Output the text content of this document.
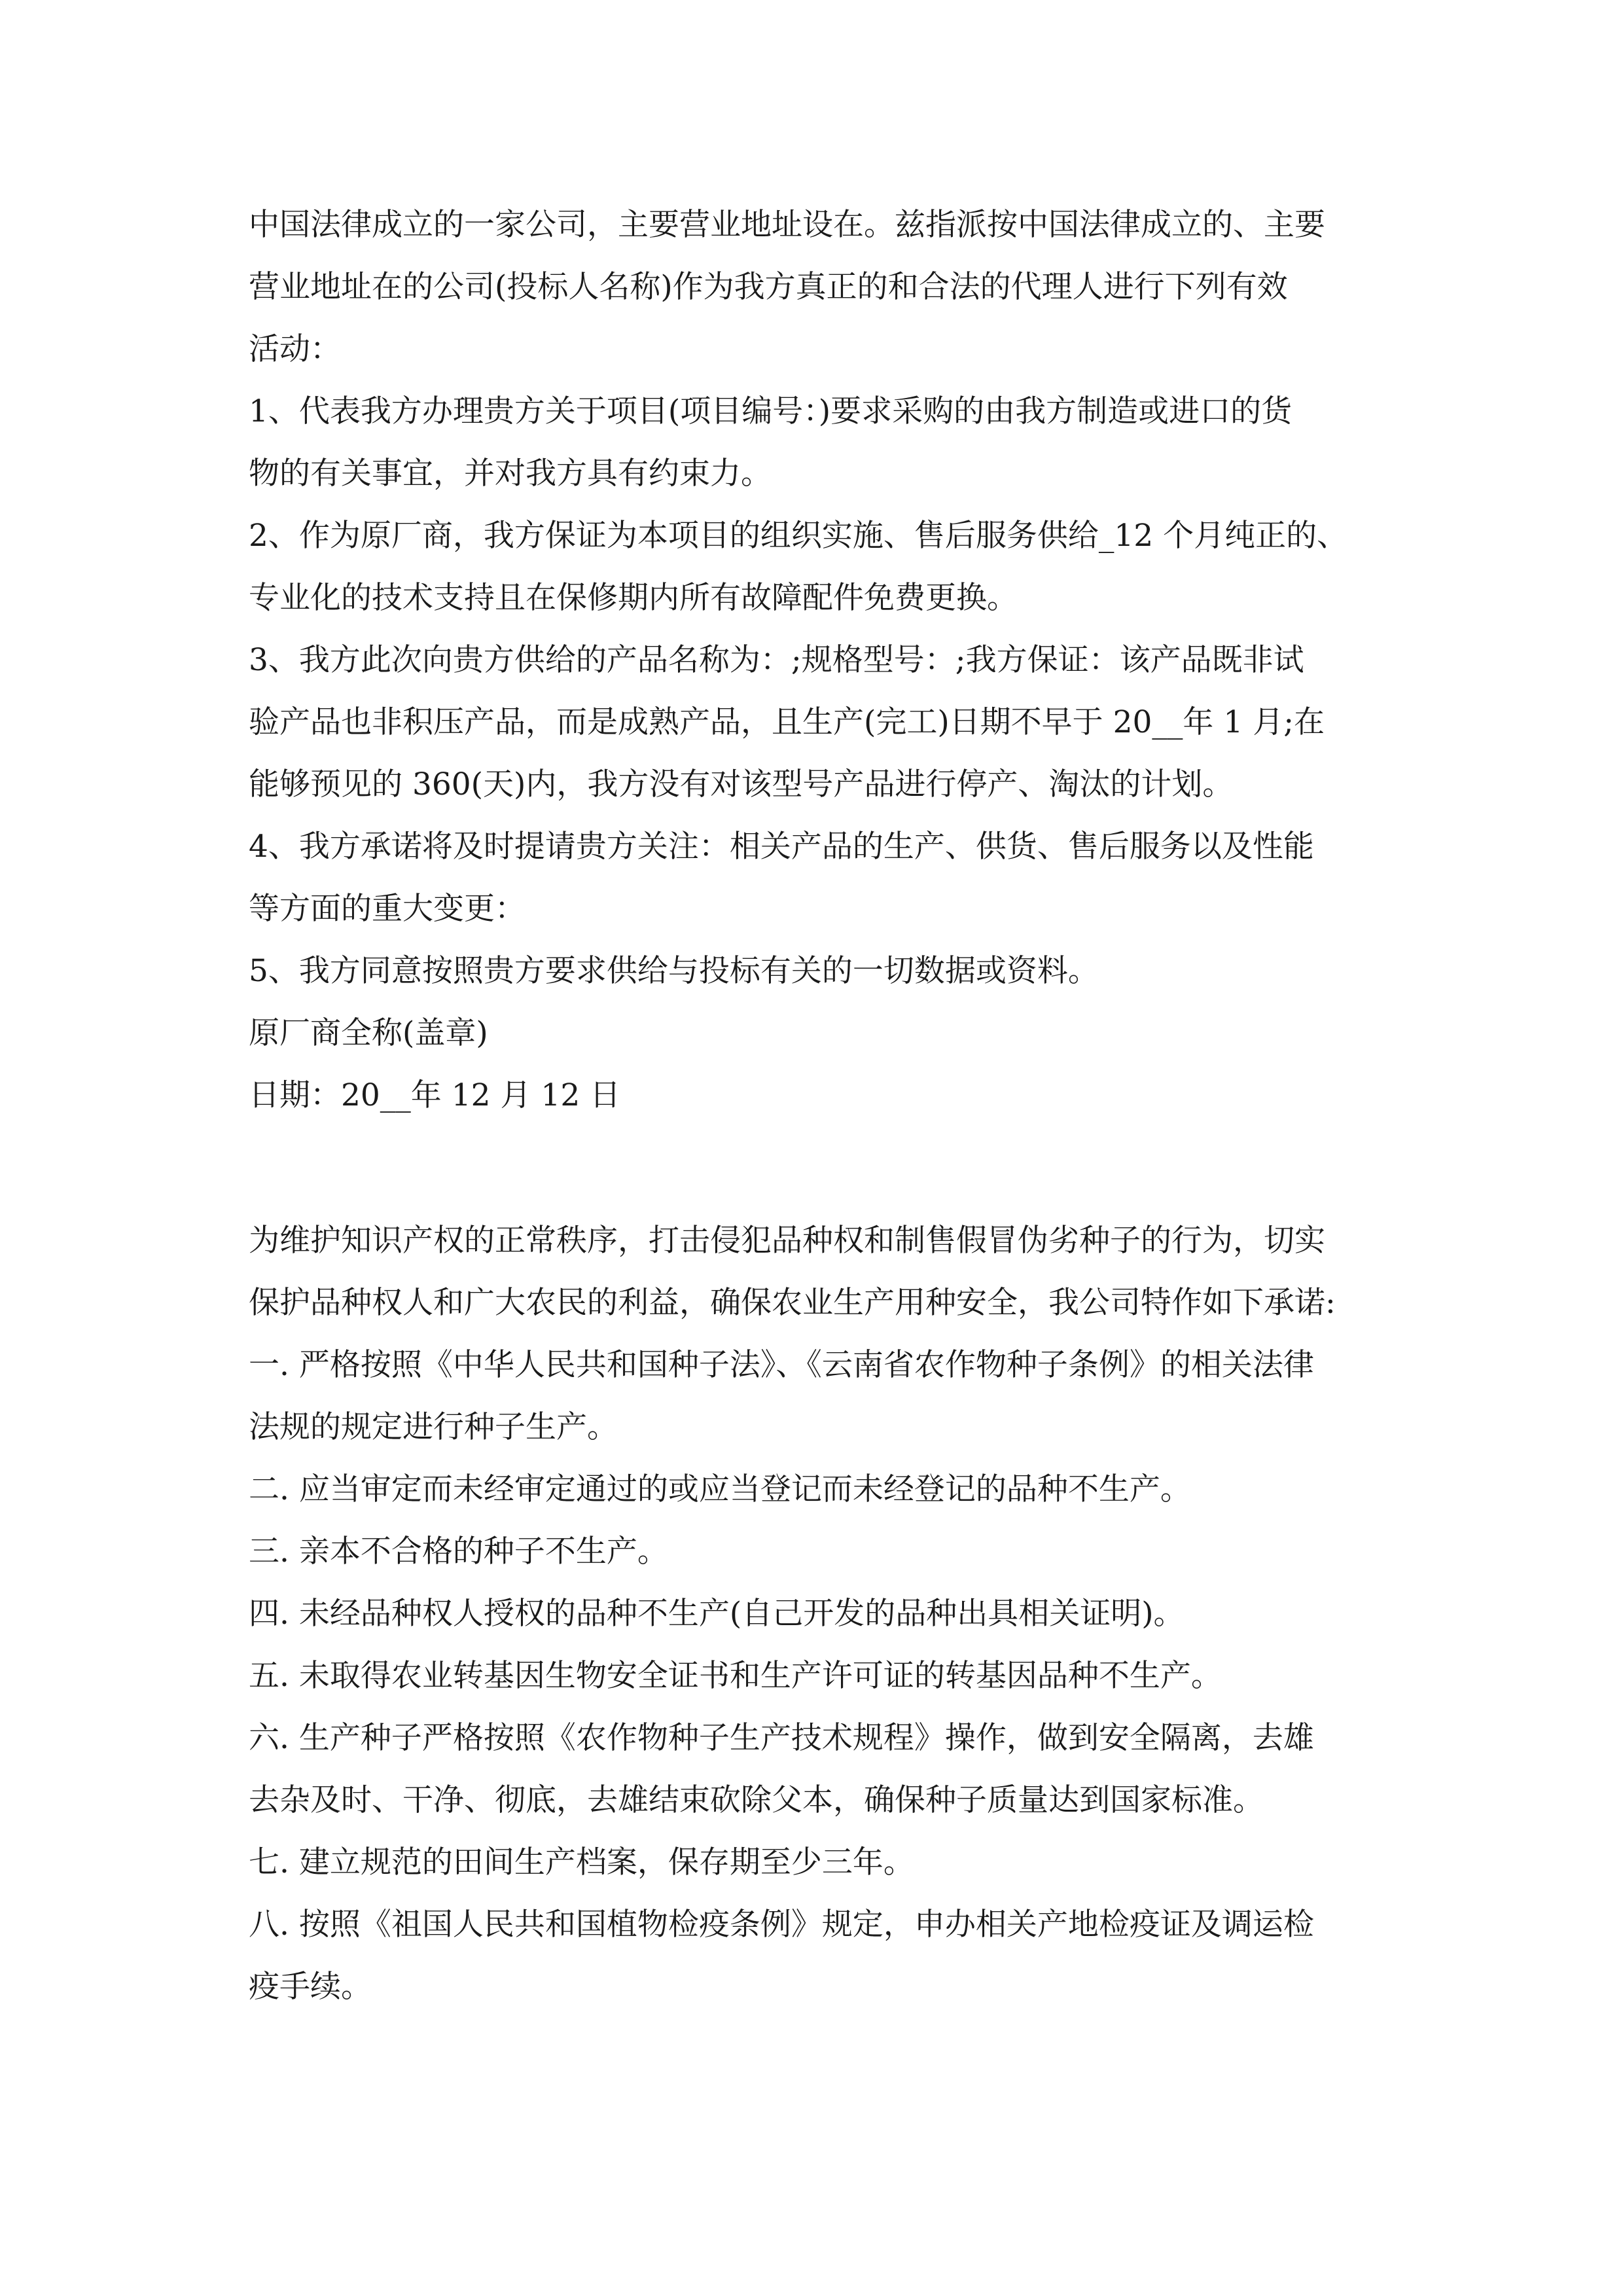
中国法律成立的一家公司，主要营业地址设在。兹指派按中国法律成立的、主要
营业地址在的公司(投标人名称)作为我方真正的和合法的代理人进行下列有效
活动：
1、代表我方办理贵方关于项目(项目编号：)要求采购的由我方制造或进口的货
物的有关事宜，并对我方具有约束力。
2、作为原厂商，我方保证为本项目的组织实施、售后服务供给_12 个月纯正的、
专业化的技术支持且在保修期内所有故障配件免费更换。
3、我方此次向贵方供给的产品名称为：;规格型号：;我方保证：该产品既非试
验产品也非积压产品，而是成熟产品，且生产(完工)日期不早于 20__年 1 月;在
能够预见的 360(天)内，我方没有对该型号产品进行停产、淘汰的计划。
4、我方承诺将及时提请贵方关注：相关产品的生产、供货、售后服务以及性能
等方面的重大变更：
5、我方同意按照贵方要求供给与投标有关的一切数据或资料。
原厂商全称(盖章)
日期：20__年 12 月 12 日
为维护知识产权的正常秩序，打击侵犯品种权和制售假冒伪劣种子的行为，切实
保护品种权人和广大农民的利益，确保农业生产用种安全，我公司特作如下承诺:
一. 严格按照《中华人民共和国种子法》、《云南省农作物种子条例》的相关法律
法规的规定进行种子生产。
二. 应当审定而未经审定通过的或应当登记而未经登记的品种不生产。
三. 亲本不合格的种子不生产。
四. 未经品种权人授权的品种不生产(自己开发的品种出具相关证明)。
五. 未取得农业转基因生物安全证书和生产许可证的转基因品种不生产。
六. 生产种子严格按照《农作物种子生产技术规程》操作，做到安全隔离，去雄
去杂及时、干净、彻底，去雄结束砍除父本，确保种子质量达到国家标准。
七. 建立规范的田间生产档案，保存期至少三年。
八. 按照《祖国人民共和国植物检疫条例》规定，申办相关产地检疫证及调运检
疫手续。
